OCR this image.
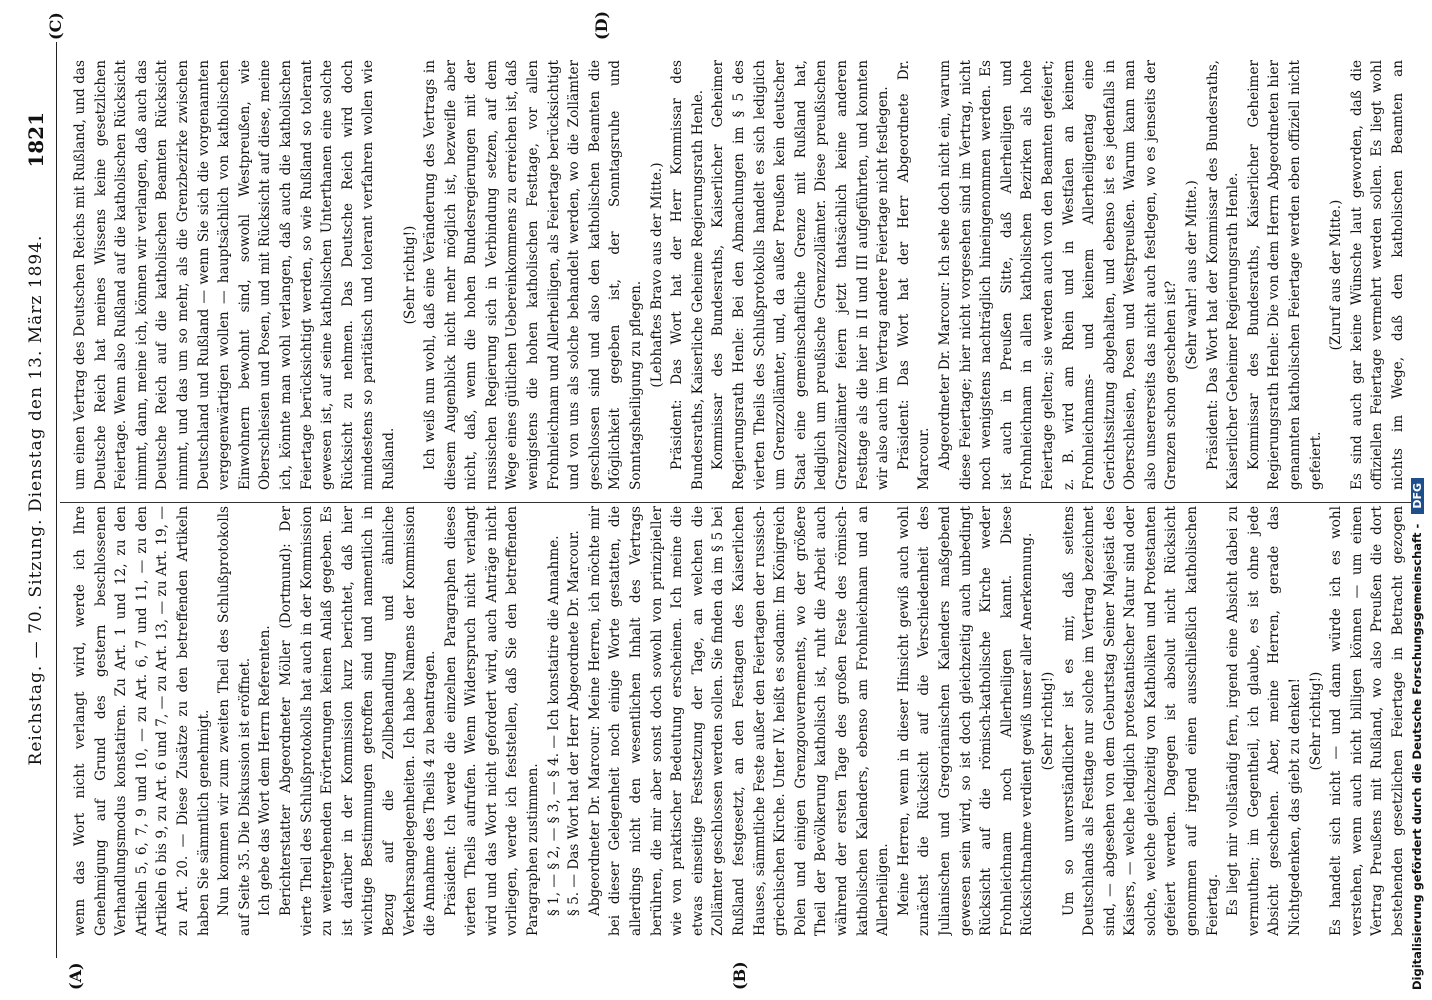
Reichstag. — 70. Sitzung. Dienstag den 13. März 1894.
1821
(A)	(B)
(C)	(D)

wenn das Wort nicht verlangt wird, werde ich Ihre Genehmigung auf Grund des gestern beschlossenen Verhandlungsmodus konstatiren. Zu Art. 1 und 12, zu den Artikeln 5, 6, 7, 9 und 10, — zu Art. 6, 7 und 11, — zu den Artikeln 6 bis 9, zu Art. 6 und 7, — zu Art. 13, — zu Art. 19, — zu Art. 20. — Diese Zusätze zu den betreffenden Artikeln haben Sie sämmtlich genehmigt. Nun kommen wir zum zweiten Theil des Schlußprotokolls auf Seite 35. Die Diskussion ist eröffnet. Ich gebe das Wort dem Herrn Referenten. Berichterstatter Abgeordneter Möller (Dortmund): Der vierte Theil des Schlußprotokolls hat auch in der Kommission zu weitergehenden Erörterungen keinen Anlaß gegeben. Es ist darüber in der Kommission kurz berichtet, daß hier wichtige Bestimmungen getroffen sind und namentlich in Bezug auf die Zollbehandlung und ähnliche Verkehrsangelegenheiten. Ich habe Namens der Kommission die Annahme des Theils 4 zu beantragen. Präsident: Ich werde die einzelnen Paragraphen dieses vierten Theils aufrufen. Wenn Widerspruch nicht verlangt wird und das Wort nicht gefordert wird, auch Anträge nicht vorliegen, werde ich feststellen, daß Sie den betreffenden Paragraphen zustimmen. § 1, — § 2, — § 3, — § 4. — Ich konstatire die Annahme. § 5. — Das Wort hat der Herr Abgeordnete Dr. Marcour. Abgeordneter Dr. Marcour: Meine Herren, ich möchte mir bei dieser Gelegenheit noch einige Worte gestatten, die allerdings nicht den wesentlichen Inhalt des Vertrags berühren, die mir aber sonst doch sowohl von prinzipieller wie von praktischer Bedeutung erscheinen. Ich meine die etwas einseitige Festsetzung der Tage, an welchen die Zollämter geschlossen werden sollen. Sie finden da im § 5 bei Rußland festgesetzt, an den Festtagen des Kaiserlichen Hauses, sämmtliche Feste außer den Feiertagen der russisch-griechischen Kirche. Unter IV. heißt es sodann: Im Königreich Polen und einigen Grenzgouvernements, wo der größere Theil der Bevölkerung katholisch ist, ruht die Arbeit auch während der ersten Tage des großen Feste des römisch-katholischen Kalenders, ebenso am Frohnleichnam und an Allerheiligen. Meine Herren, wenn in dieser Hinsicht gewiß auch wohl zunächst die Rücksicht auf die Verschiedenheit des Julianischen und Gregorianischen Kalenders maßgebend gewesen sein wird, so ist doch gleichzeitig auch unbedingt Rücksicht auf die römisch-katholische Kirche weder Frohnleichnam noch Allerheiligen kannt. Diese Rücksichtnahme verdient gewiß unser aller Anerkennung. (Sehr richtig!) Um so unverständlicher ist es mir, daß seitens Deutschlands als Festtage nur solche im Vertrag bezeichnet sind, — abgesehen von dem Geburtstag Seiner Majestät des Kaisers, — welche lediglich protestantischer Natur sind oder solche, welche gleichzeitig von Katholiken und Protestanten gefeiert werden. Dagegen ist absolut nicht Rücksicht genommen auf irgend einen ausschließlich katholischen Feiertag. Es liegt mir vollständig fern, irgend eine Absicht dabei zu vermuthen; im Gegentheil, ich glaube, es ist ohne jede Absicht geschehen. Aber, meine Herren, gerade das Nichtgedenken, das giebt zu denken! (Sehr richtig!)

Es handelt sich nicht — und dann würde ich es wohl verstehen, wenn auch nicht billigen können — um einen Vertrag Preußens mit Rußland, wo also Preußen die dort bestehenden gesetzlichen Feiertage in Betracht gezogen

um einen Vertrag des Deutschen Reichs mit Rußland, und das Deutsche Reich hat meines Wissens keine gesetzlichen Feiertage. Wenn also Rußland auf die katholischen Rücksicht nimmt, dann, meine ich, können wir verlangen, daß auch das Deutsche Reich auf die katholischen Beamten Rücksicht nimmt, und das um so mehr, als die Grenzbezirke zwischen Deutschland und Rußland — wenn Sie sich die vorgenannten vergegenwärtigen wollen — hauptsächlich von katholischen Einwohnern bewohnt sind, sowohl Westpreußen, wie Oberschlesien und Posen, und mit Rücksicht auf diese, meine ich, könnte man wohl verlangen, daß auch die katholischen Feiertage berücksichtigt werden, so wie Rußland so tolerant gewesen ist, auf seine katholischen Unterthanen eine solche Rücksicht zu nehmen. Das Deutsche Reich wird doch mindestens so paritätisch und tolerant verfahren wollen wie Rußland.

(Sehr richtig!) Ich weiß nun wohl, daß eine Veränderung des Vertrags in diesem Augenblick nicht mehr möglich ist, bezweifle aber nicht, daß, wenn die hohen Bundesregierungen mit der russischen Regierung sich in Verbindung setzen, auf dem Wege eines gütlichen Uebereinkommens zu erreichen ist, daß wenigstens die hohen katholischen Festtage, vor allen Frohnleichnam und Allerheiligen, als Feiertage berücksichtigt und von uns als solche behandelt werden, wo die Zollämter geschlossen sind und also den katholischen Beamten die Möglichkeit gegeben ist, der Sonntagsruhe und Sonntagsheiligung zu pflegen. (Lebhaftes Bravo aus der Mitte.) Präsident: Das Wort hat der Herr Kommissar des Bundesraths, Kaiserliche Geheime Regierungsrath Henle. Kommissar des Bundesraths, Kaiserlicher Geheimer Regierungsrath Henle: Bei den Abmachungen im § 5 des vierten Theils des Schlußprotokolls handelt es sich lediglich um Grenzzollämter, und, da außer Preußen kein deutscher Staat eine gemeinschaftliche Grenze mit Rußland hat, lediglich um preußische Grenzzollämter. Diese preußischen Grenzzollämter feiern jetzt thatsächlich keine anderen Festtage als die hier in II und III aufgeführten, und konnten wir also auch im Vertrag andere Feiertage nicht festlegen. Präsident: Das Wort hat der Herr Abgeordnete Dr. Marcour. Abgeordneter Dr. Marcour: Ich sehe doch nicht ein, warum diese Feiertage; hier nicht vorgesehen sind im Vertrag, nicht noch wenigstens nachträglich hineingenommen werden. Es ist auch in Preußen Sitte, daß Allerheiligen und Frohnleichnam in allen katholischen Bezirken als hohe Feiertage gelten; sie werden auch von den Beamten gefeiert; z. B. wird am Rhein und in Westfalen an keinem Frohnleichnams- und keinem Allerheiligentag eine Gerichtssitzung abgehalten, und ebenso ist es jedenfalls in Oberschlesien, Posen und Westpreußen. Warum kann man also unsererseits das nicht auch festlegen, wo es jenseits der Grenzen schon geschehen ist?

(Sehr wahr! aus der Mitte.) Präsident: Das Wort hat der Kommissar des Bundesraths, Kaiserlicher Geheimer Regierungsrath Henle. Kommissar des Bundesraths, Kaiserlicher Geheimer Regierungsrath Henle: Die von dem Herrn Abgeordneten hier genannten katholischen Feiertage werden eben offiziell nicht gefeiert.

(Zuruf aus der Mitte.)

Es sind auch gar keine Wünsche laut geworden, daß die offiziellen Feiertage vermehrt werden sollen. Es liegt wohl nichts im Wege, daß den katholischen Beamten an

Digitalisierung gefördert durch die Deutsche Forschungsgemeinschaft - DFG
